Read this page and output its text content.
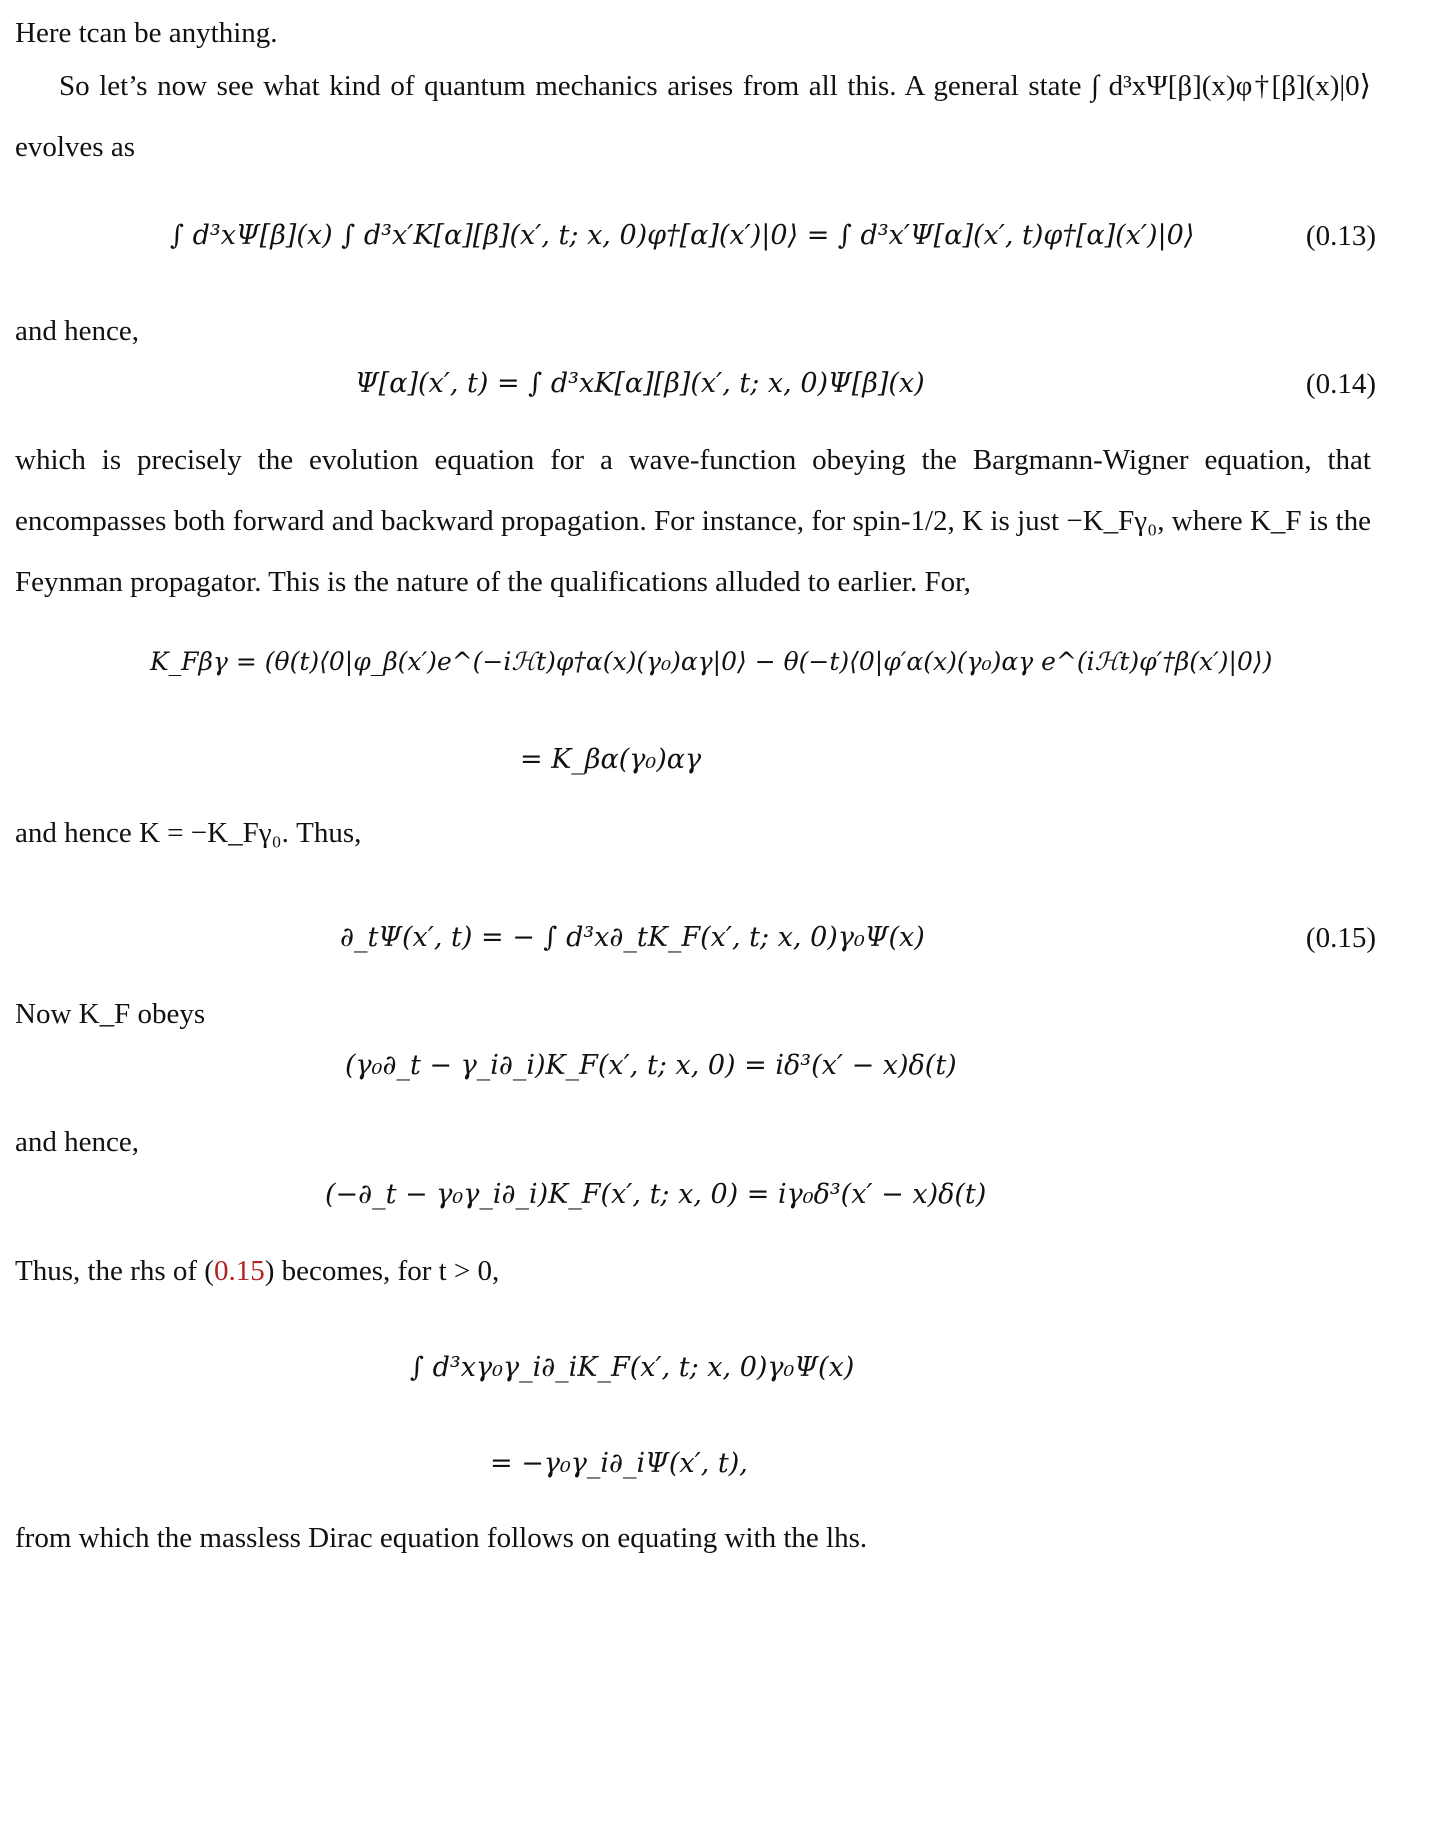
Here tcan be anything.
So let’s now see what kind of quantum mechanics arises from all this. A general state ∫ d³xΨ[β](x)φ†[β](x)|0⟩ evolves as
∫ d³xΨ[β](x) ∫ d³x′K[α][β](x′, t; x, 0)φ†[α](x′)|0⟩ = ∫ d³x′Ψ[α](x′, t)φ†[α](x′)|0⟩	(0.13)
and hence,
Ψ[α](x′, t) = ∫ d³xK[α][β](x′, t; x, 0)Ψ[β](x)	(0.14)
which is precisely the evolution equation for a wave-function obeying the Bargmann-Wigner equation, that encompasses both forward and backward propagation. For instance, for spin-1/2, K is just −K_Fγ₀, where K_F is the Feynman propagator. This is the nature of the qualifications alluded to earlier. For,
K_Fβγ = (θ(t)⟨0|φ_β(x′)e^(−iℋt)φ†α(x)(γ₀)αγ|0⟩ − θ(−t)⟨0|φ′α(x)(γ₀)αγ e^(iℋt)φ′†β(x′)|0⟩)
= K_βα(γ₀)αγ
and hence K = −K_Fγ₀. Thus,
∂_tΨ(x′, t) = − ∫ d³x∂_tK_F(x′, t; x, 0)γ₀Ψ(x)	(0.15)
Now K_F obeys
(γ₀∂_t − γ_i∂_i)K_F(x′, t; x, 0) = iδ³(x′ − x)δ(t)
and hence,
(−∂_t − γ₀γ_i∂_i)K_F(x′, t; x, 0) = iγ₀δ³(x′ − x)δ(t)
Thus, the rhs of (0.15) becomes, for t > 0,
∫ d³xγ₀γ_i∂_iK_F(x′, t; x, 0)γ₀Ψ(x)
= −γ₀γ_i∂_iΨ(x′, t),
from which the massless Dirac equation follows on equating with the lhs.
